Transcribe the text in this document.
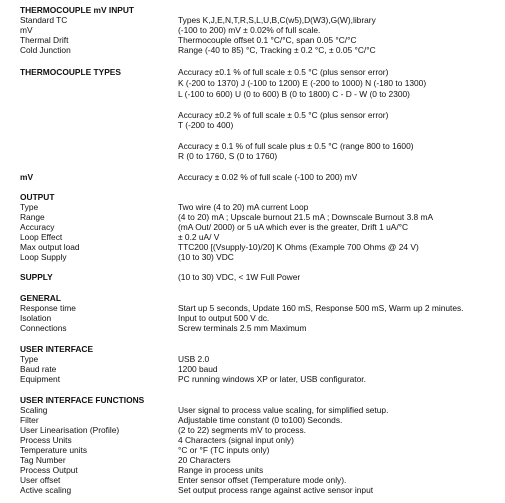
THERMOCOUPLE mV INPUT
Standard TC	Types K,J,E,N,T,R,S,L,U,B,C(w5),D(W3),G(W),library
mV	(-100 to 200) mV ± 0.02% of full scale.
Thermal Drift	Thermocouple offset 0.1 °C/°C, span 0.05 °C/°C
Cold Junction	Range (-40 to 85) °C, Tracking ± 0.2 °C, ± 0.05 °C/°C
THERMOCOUPLE TYPES	Accuracy ±0.1 % of full scale ± 0.5 °C (plus sensor error)
K (-200 to 1370) J (-100 to 1200) E (-200 to 1000) N (-180 to 1300)
L (-100 to 600) U (0 to 600) B (0 to 1800) C - D - W (0 to 2300)
Accuracy ±0.2 % of full scale ± 0.5 °C (plus sensor error)
T (-200 to 400)
Accuracy ± 0.1 % of full scale plus ± 0.5 °C (range 800 to 1600)
R (0 to 1760, S (0 to 1760)
mV	Accuracy ± 0.02 % of full scale (-100 to 200) mV
OUTPUT
Type	Two wire (4 to 20) mA current Loop
Range	(4 to 20) mA ; Upscale burnout 21.5 mA ; Downscale Burnout 3.8 mA
Accuracy	(mA Out/ 2000) or 5 uA which ever is the greater, Drift 1 uA/°C
Loop Effect	± 0.2 uA/ V
Max output load	TTC200 [(Vsupply-10)/20] K Ohms (Example 700 Ohms @ 24 V)
Loop Supply	(10 to 30) VDC
SUPPLY	(10 to 30) VDC, < 1W Full Power
GENERAL
Response time	Start up 5 seconds, Update 160 mS, Response 500 mS, Warm up 2 minutes.
Isolation	Input to output 500 V dc.
Connections	Screw terminals 2.5 mm Maximum
USER INTERFACE
Type	USB 2.0
Baud rate	1200 baud
Equipment	PC running windows XP or later, USB configurator.
USER INTERFACE FUNCTIONS
Scaling	User signal to process value scaling, for simplified setup.
Filter	Adjustable time constant (0 to100) Seconds.
User Linearisation (Profile)	(2 to 22) segments mV to process.
Process Units	4 Characters (signal input only)
Temperature units	°C or °F (TC inputs only)
Tag Number	20 Characters
Process Output	Range in process units
User offset	Enter sensor offset (Temperature mode only).
Active scaling	Set output process range against active sensor input
